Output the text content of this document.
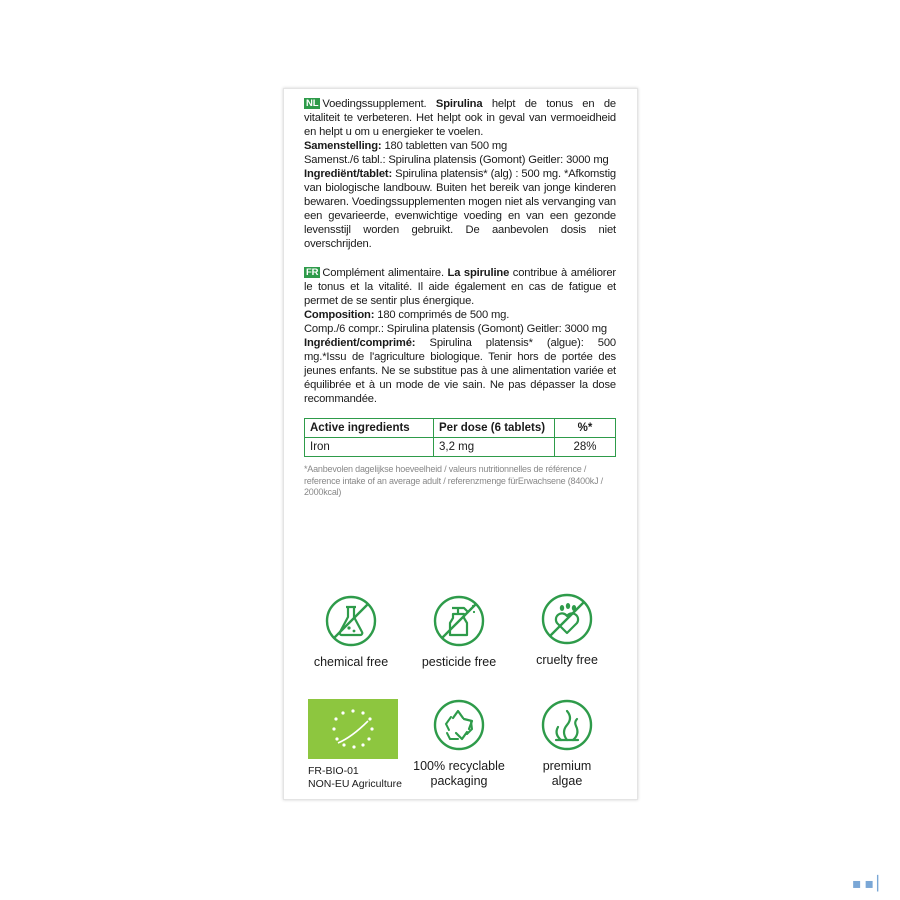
NL Voedingssupplement. Spirulina helpt de tonus en de vitaliteit te verbeteren. Het helpt ook in geval van vermoeidheid en helpt u om u energieker te voelen.
Samenstelling: 180 tabletten van 500 mg
Samenst./6 tabl.: Spirulina platensis (Gomont) Geitler: 3000 mg
Ingrediënt/tablet: Spirulina platensis* (alg) : 500 mg. *Afkomstig van biologische landbouw. Buiten het bereik van jonge kinderen bewaren. Voedingssupplementen mogen niet als vervanging van een gevarieerde, evenwichtige voeding en van een gezonde levensstijl worden gebruikt. De aanbevolen dosis niet overschrijden.
FR Complément alimentaire. La spiruline contribue à améliorer le tonus et la vitalité. Il aide également en cas de fatigue et permet de se sentir plus énergique.
Composition: 180 comprimés de 500 mg.
Comp./6 compr.: Spirulina platensis (Gomont) Geitler: 3000 mg
Ingrédient/comprimé: Spirulina platensis* (algue): 500 mg.*Issu de l'agriculture biologique. Tenir hors de portée des jeunes enfants. Ne se substitue pas à une alimentation variée et équilibrée et à un mode de vie sain. Ne pas dépasser la dose recommandée.
Active ingredients	Per dose (6 tablets)	%*
Iron	3,2 mg	28%
*Aanbevolen dagelijkse hoeveelheid / valeurs nutritionnelles de référence / reference intake of an average adult / referenzmenge fürErwachsene (8400kJ / 2000kcal)
chemical free	pesticide free	cruelty free
FR-BIO-01
NON-EU Agriculture
100% recyclable
packaging
premium
algae
▪▪▏
